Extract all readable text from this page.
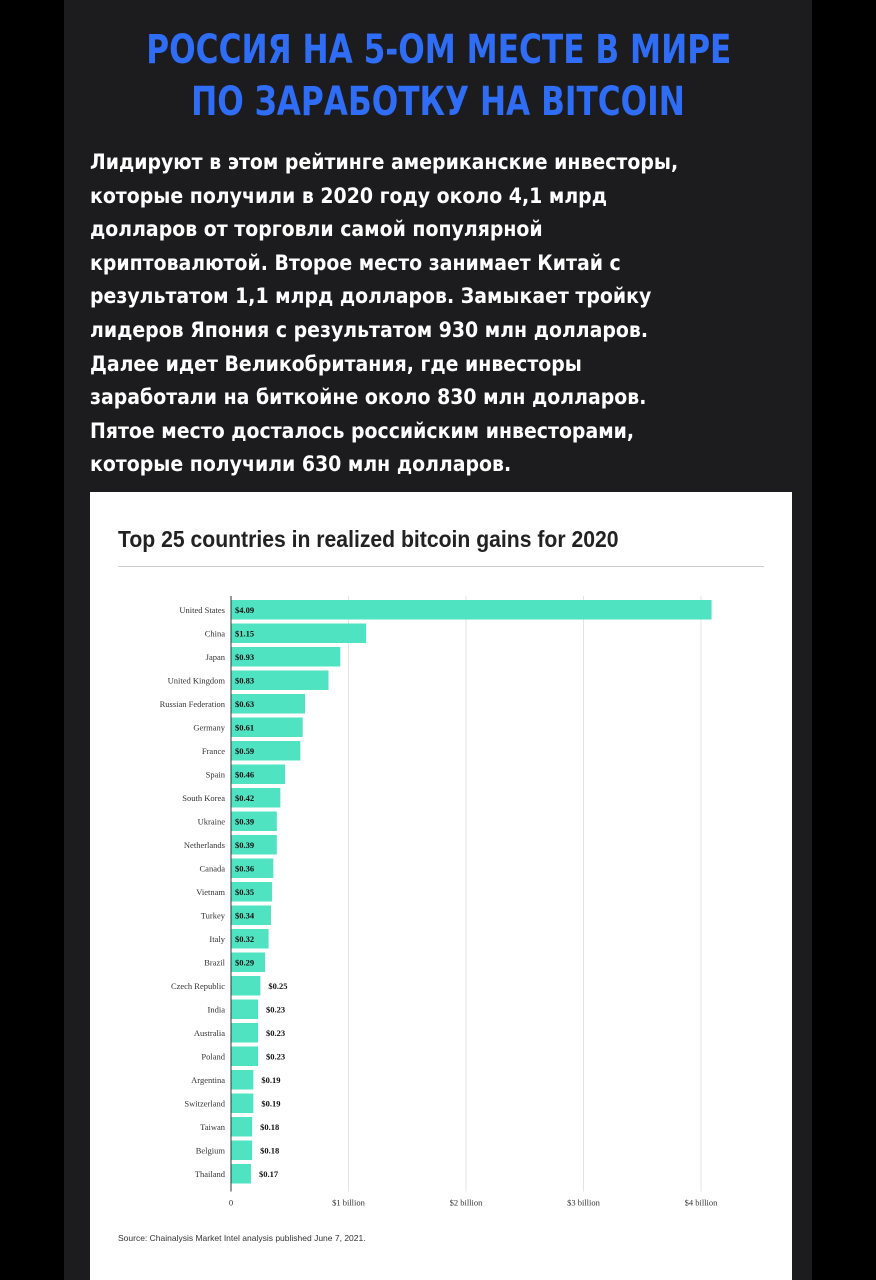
РОССИЯ НА 5-ОМ МЕСТЕ В МИРЕ
ПО ЗАРАБОТКУ НА BITCOIN
Лидируют в этом рейтинге американские инвесторы,
которые получили в 2020 году около 4,1 млрд
долларов от торговли самой популярной
криптовалютой. Второе место занимает Китай с
результатом 1,1 млрд долларов. Замыкает тройку
лидеров Япония с результатом 930 млн долларов.
Далее идет Великобритания, где инвесторы
заработали на биткойне около 830 млн долларов.
Пятое место досталось российским инвесторами,
которые получили 630 млн долларов.
Top 25 countries in realized bitcoin gains for 2020
United States $4.09
China $1.15
Japan $0.93
United Kingdom $0.83
Russian Federation $0.63
Germany $0.61
France $0.59
Spain $0.46
South Korea $0.42
Ukraine $0.39
Netherlands $0.39
Canada $0.36
Vietnam $0.35
Turkey $0.34
Italy $0.32
Brazil $0.29
Czech Republic	$0.25
India	$0.23
Australia	$0.23
Poland	$0.23
Argentina	$0.19
Switzerland	$0.19
Taiwan	$0.18
Belgium	$0.18
Thailand	$0.17
0	$1 billion	$2 billion	$3 billion	$4 billion
Source: Chainalysis Market Intel analysis published June 7, 2021.
